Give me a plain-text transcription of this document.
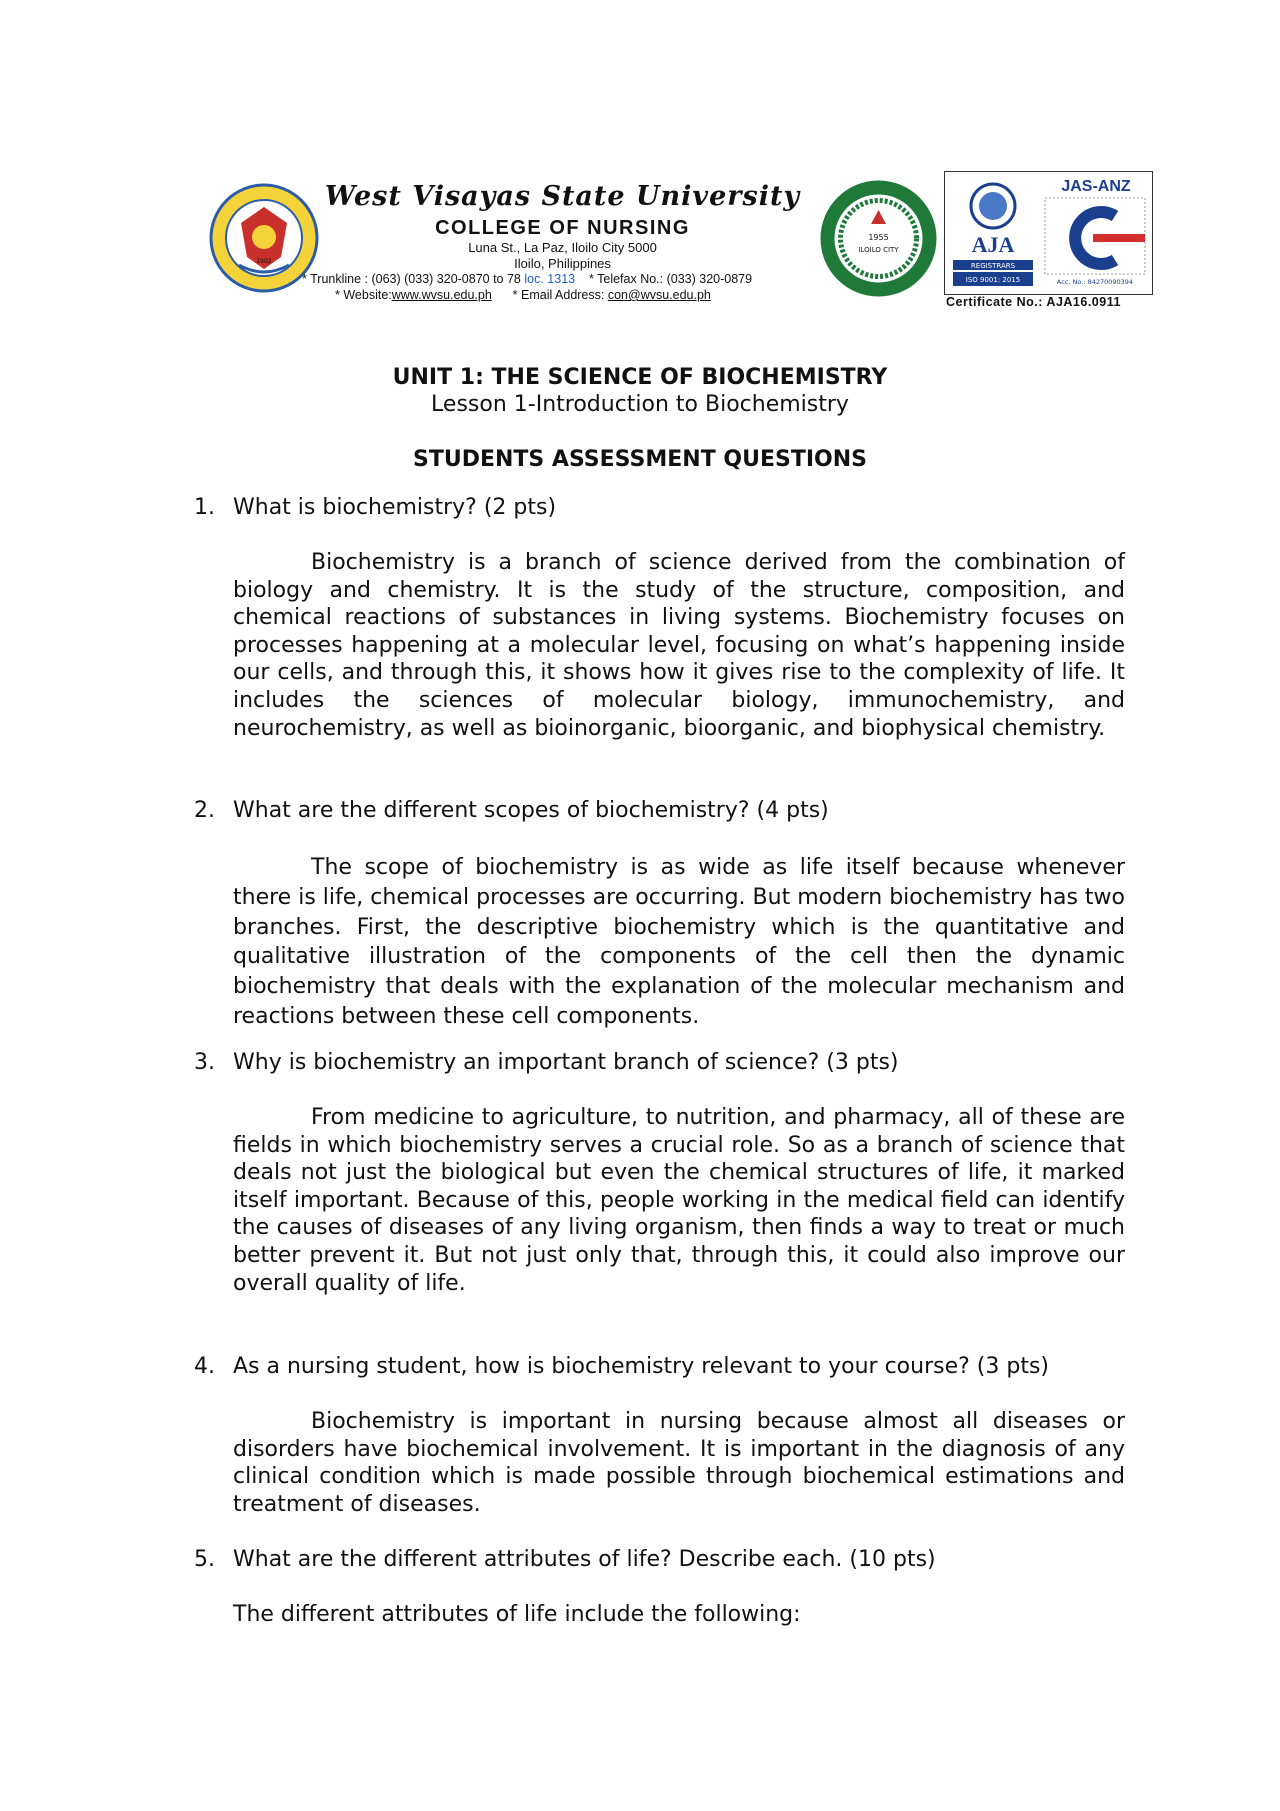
1902
West Visayas State University
COLLEGE OF NURSING
Luna St., La Paz, Iloilo City 5000
Iloilo, Philippines
* Trunkline : (063) (033) 320-0870 to 78 loc. 1313 * Telefax No.: (033) 320-0879
* Website:www.wvsu.edu.ph * Email Address: con@wvsu.edu.ph
1955
ILOILO CITY
REGISTRARS
ISO 9001: 2015
AJA
Acc. No.: 84270090394
JAS-ANZ
Certificate No.: AJA16.0911
UNIT 1: THE SCIENCE OF BIOCHEMISTRY
Lesson 1-Introduction to Biochemistry
STUDENTS ASSESSMENT QUESTIONS
1. What is biochemistry? (2 pts)
Biochemistry is a branch of science derived from the combination of biology and chemistry. It is the study of the structure, composition, and chemical reactions of substances in living systems. Biochemistry focuses on processes happening at a molecular level, focusing on what’s happening inside our cells, and through this, it shows how it gives rise to the complexity of life. It includes the sciences of molecular biology, immunochemistry, and neurochemistry, as well as bioinorganic, bioorganic, and biophysical chemistry.
2. What are the different scopes of biochemistry? (4 pts)
The scope of biochemistry is as wide as life itself because whenever there is life, chemical processes are occurring. But modern biochemistry has two branches. First, the descriptive biochemistry which is the quantitative and qualitative illustration of the components of the cell then the dynamic biochemistry that deals with the explanation of the molecular mechanism and reactions between these cell components.
3. Why is biochemistry an important branch of science? (3 pts)
From medicine to agriculture, to nutrition, and pharmacy, all of these are fields in which biochemistry serves a crucial role. So as a branch of science that deals not just the biological but even the chemical structures of life, it marked itself important. Because of this, people working in the medical field can identify the causes of diseases of any living organism, then finds a way to treat or much better prevent it. But not just only that, through this, it could also improve our overall quality of life.
4. As a nursing student, how is biochemistry relevant to your course? (3 pts)
Biochemistry is important in nursing because almost all diseases or disorders have biochemical involvement. It is important in the diagnosis of any clinical condition which is made possible through biochemical estimations and treatment of diseases.
5. What are the different attributes of life? Describe each. (10 pts)
The different attributes of life include the following:
